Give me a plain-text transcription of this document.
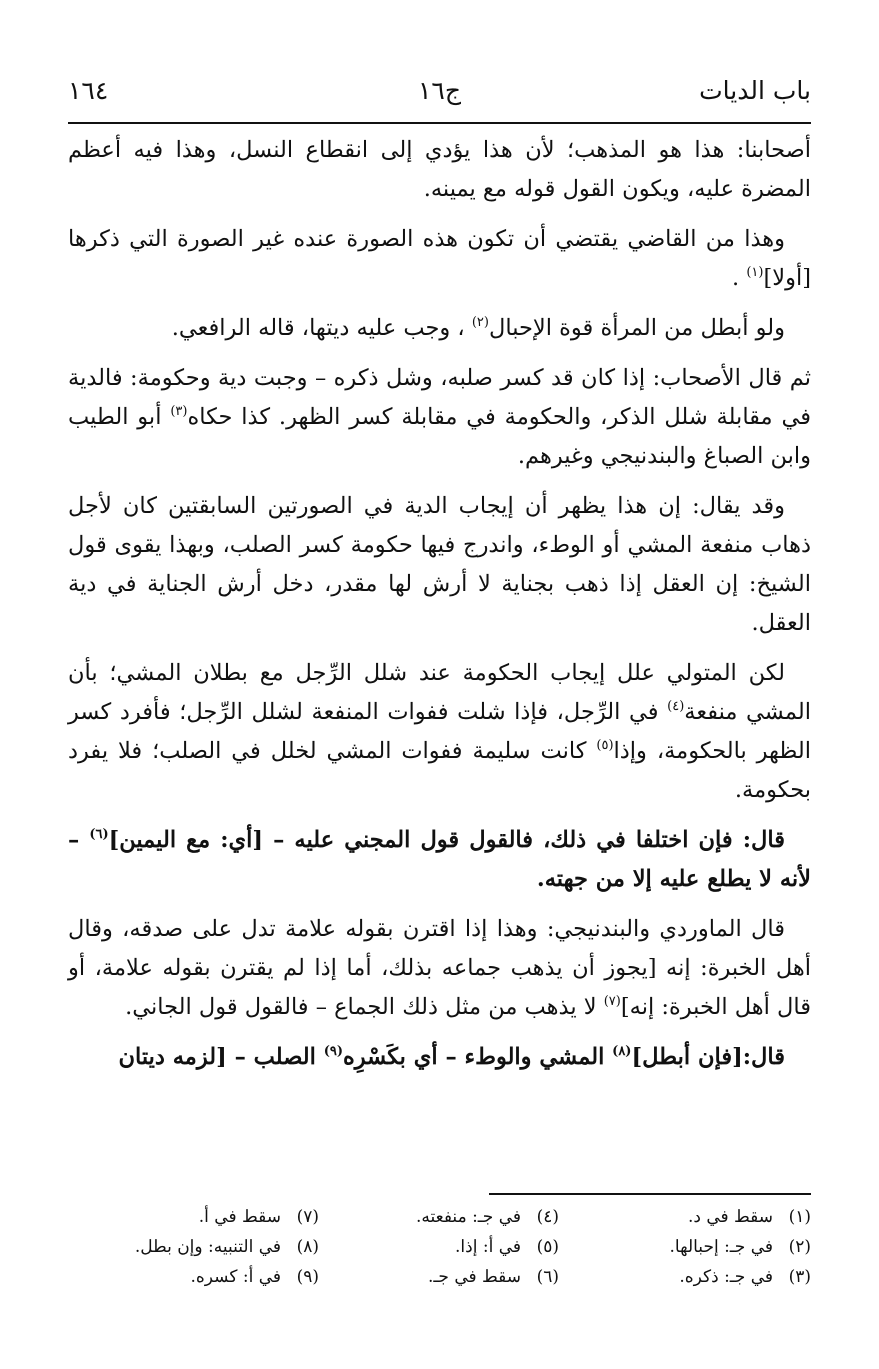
باب الديات
ج١٦
١٦٤

أصحابنا: هذا هو المذهب؛ لأن هذا يؤدي إلى انقطاع النسل، وهذا فيه أعظم المضرة عليه، ويكون القول قوله مع يمينه.

وهذا من القاضي يقتضي أن تكون هذه الصورة عنده غير الصورة التي ذكرها [أولا]$^{(١)}$ .

ولو أبطل من المرأة قوة الإحبال$^{(٢)}$ ، وجب عليه ديتها، قاله الرافعي.

ثم قال الأصحاب: إذا كان قد كسر صلبه، وشل ذكره – وجبت دية وحكومة: فالدية في مقابلة شلل الذكر، والحكومة في مقابلة كسر الظهر. كذا حكاه$^{(٣)}$ أبو الطيب وابن الصباغ والبندنيجي وغيرهم.

وقد يقال: إن هذا يظهر أن إيجاب الدية في الصورتين السابقتين كان لأجل ذهاب منفعة المشي أو الوطء، واندرج فيها حكومة كسر الصلب، وبهذا يقوى قول الشيخ: إن العقل إذا ذهب بجناية لا أرش لها مقدر، دخل أرش الجناية في دية العقل.

لكن المتولي علل إيجاب الحكومة عند شلل الرِّجل مع بطلان المشي؛ بأن المشي منفعة$^{(٤)}$ في الرِّجل، فإذا شلت ففوات المنفعة لشلل الرِّجل؛ فأفرد كسر الظهر بالحكومة، وإذا$^{(٥)}$ كانت سليمة ففوات المشي لخلل في الصلب؛ فلا يفرد بحكومة.

قال: فإن اختلفا في ذلك، فالقول قول المجني عليه – [أي: مع اليمين]$^{(٦)}$ – لأنه لا يطلع عليه إلا من جهته.

قال الماوردي والبندنيجي: وهذا إذا اقترن بقوله علامة تدل على صدقه، وقال أهل الخبرة: إنه [يجوز أن يذهب جماعه بذلك، أما إذا لم يقترن بقوله علامة، أو قال أهل الخبرة: إنه]$^{(٧)}$ لا يذهب من مثل ذلك الجماع – فالقول قول الجاني.

قال:[فإن أبطل]$^{(٨)}$ المشي والوطء – أي بكَسْرِه$^{(٩)}$ الصلب – [لزمه ديتان

(١)سقط في د.
(٢)في جـ: إحبالها.
(٣)في جـ: ذكره.
(٤)في جـ: منفعته.
(٥)في أ: إذا.
(٦)سقط في جـ.
(٧)سقط في أ.
(٨)في التنبيه: وإن بطل.
(٩)في أ: كسره.
